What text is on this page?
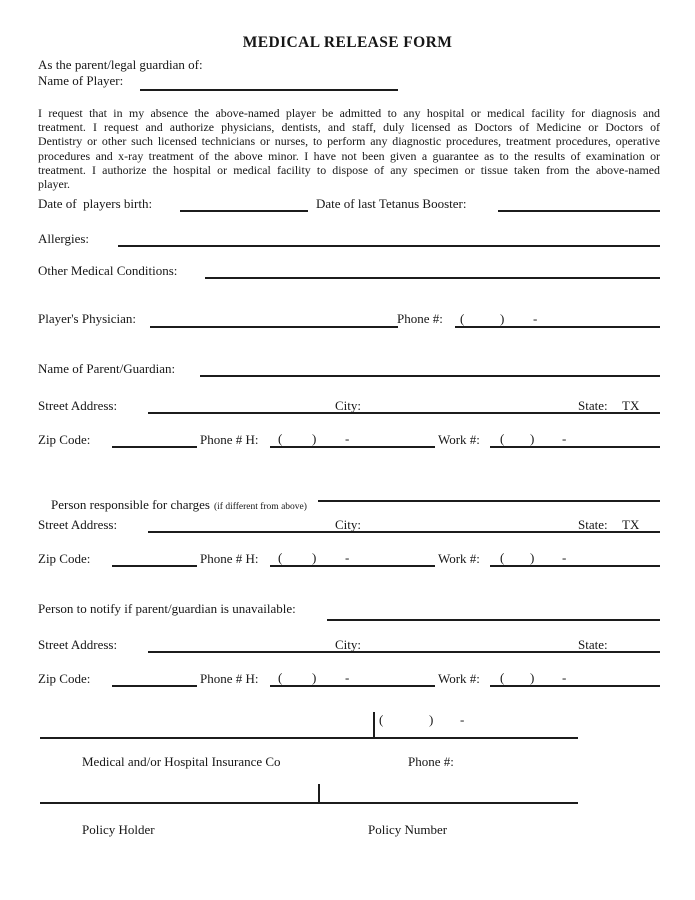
MEDICAL RELEASE FORM
As the parent/legal guardian of:
Name of Player:
I request that in my absence the above-named player be admitted to any hospital or medical facility for diagnosis and treatment. I request and authorize physicians, dentists, and staff, duly licensed as Doctors of Medicine or Doctors of Dentistry or other such licensed technicians or nurses, to perform any diagnostic procedures, treatment procedures, operative procedures and x-ray treatment of the above minor. I have not been given a guarantee as to the results of examination or treatment. I authorize the hospital or medical facility to dispose of any specimen or tissue taken from the above-named player.
Date of  players birth:	Date of last Tetanus Booster:
Allergies:
Other Medical Conditions:
Player's Physician:	Phone #: (	) -
Name of Parent/Guardian:
Street Address:	City:	State: TX
Zip Code:	Phone # H: ( ) -	Work #: ( ) -

Person responsible for charges (if different from above)

Street Address:	City:	State: TX
Zip Code:	Phone # H: ( ) -	Work #: ( ) -
Person to notify if parent/guardian is unavailable:
Street Address:	City:	State:
Zip Code:	Phone # H: ( ) -	Work #: ( ) -
(	) -
Medical and/or Hospital Insurance Co	Phone #:
Policy Holder	Policy Number
